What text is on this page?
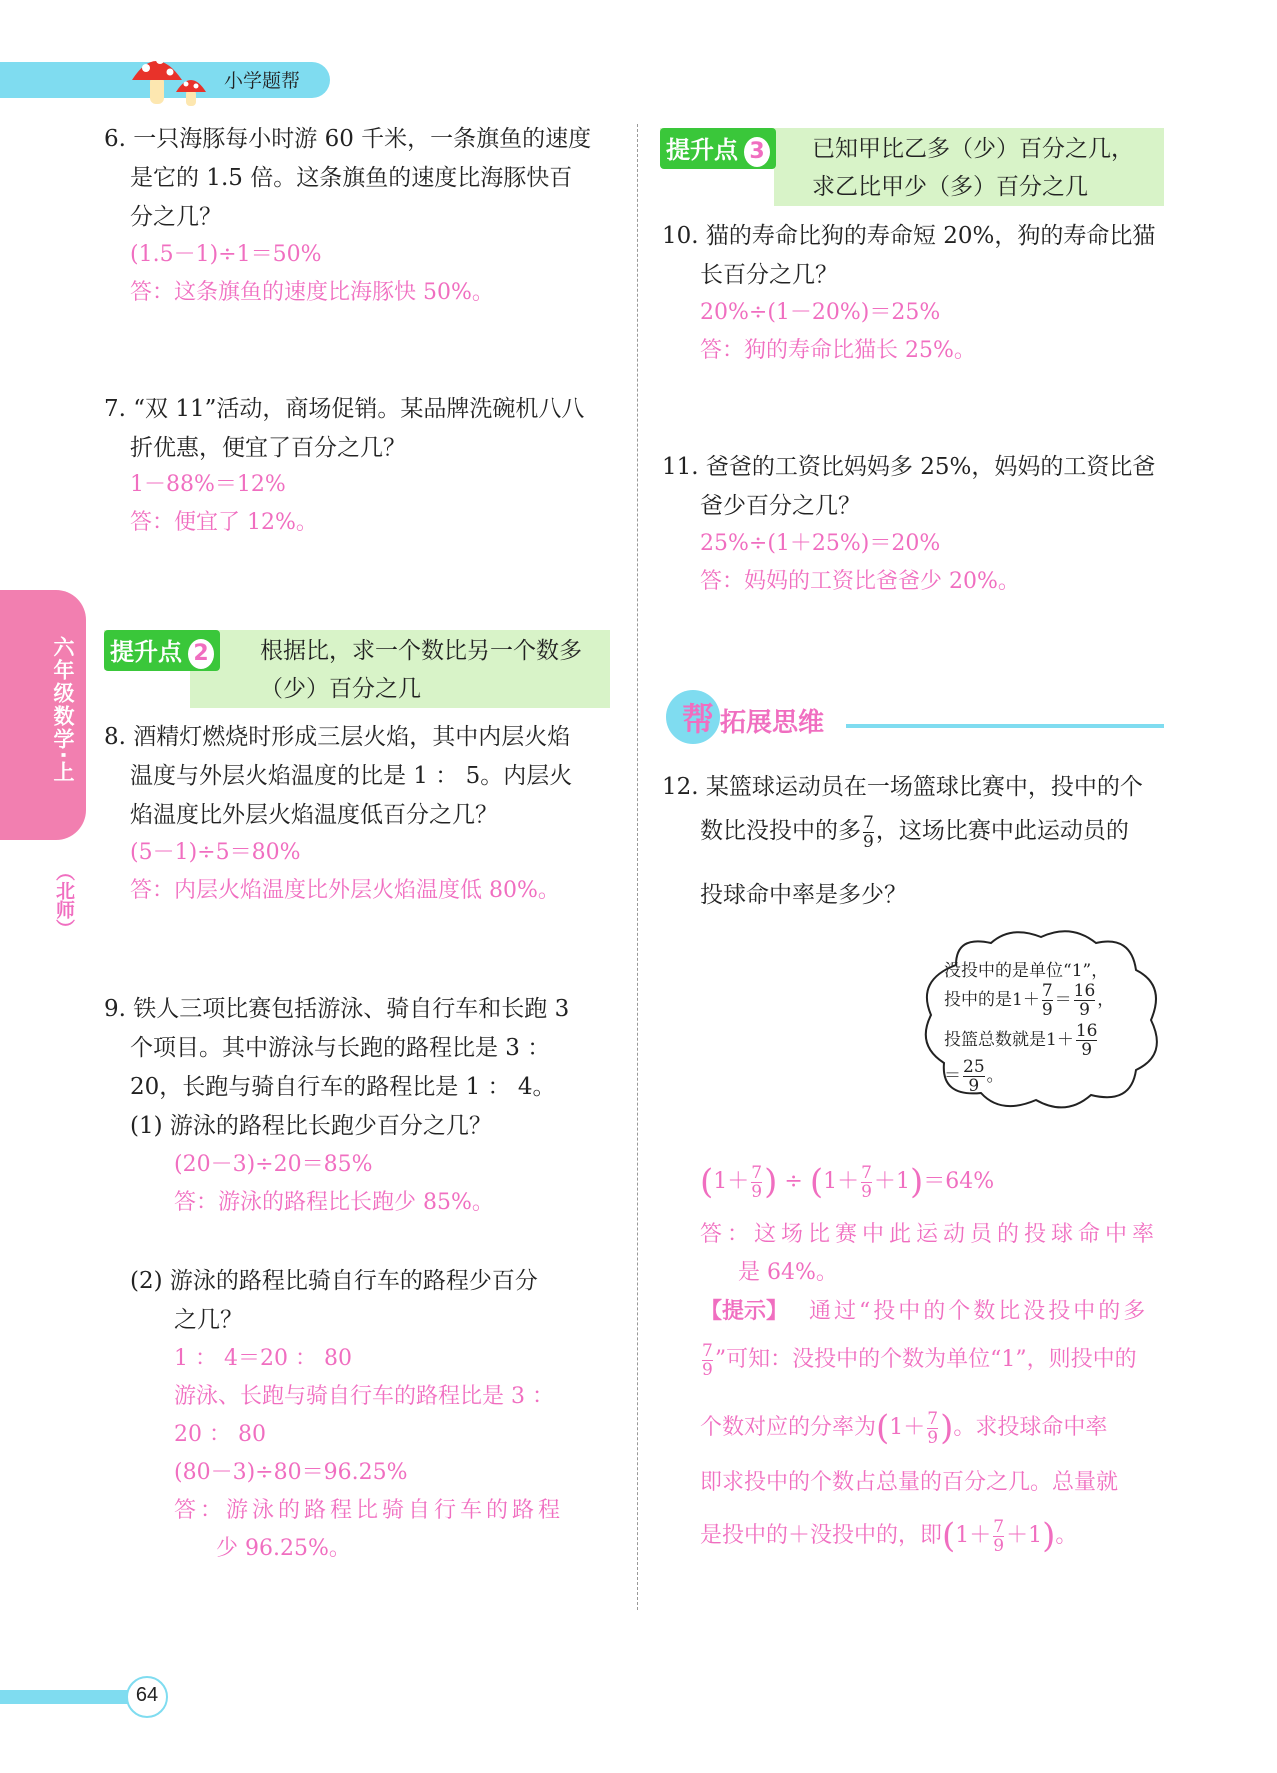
小学题帮
六年级数学·上
（北师）
6. 一只海豚每小时游 60 千米，一条旗鱼的速度
是它的 1.5 倍。这条旗鱼的速度比海豚快百
分之几？
(1.5－1)÷1＝50%
答：这条旗鱼的速度比海豚快 50%。
7. “双 11”活动，商场促销。某品牌洗碗机八八
折优惠，便宜了百分之几？
1－88%＝12%
答：便宜了 12%。
提升点 2	根据比，求一个数比另一个数多
（少）百分之几
8. 酒精灯燃烧时形成三层火焰，其中内层火焰
温度与外层火焰温度的比是 1 ： 5。内层火
焰温度比外层火焰温度低百分之几？
(5－1)÷5＝80%
答：内层火焰温度比外层火焰温度低 80%。
9. 铁人三项比赛包括游泳、骑自行车和长跑 3
个项目。其中游泳与长跑的路程比是 3 ：
20，长跑与骑自行车的路程比是 1 ： 4。
(1) 游泳的路程比长跑少百分之几？
(20－3)÷20＝85%
答：游泳的路程比长跑少 85%。
(2) 游泳的路程比骑自行车的路程少百分
之几？
1 ： 4＝20 ： 80
游泳、长跑与骑自行车的路程比是 3 ：
20 ： 80
(80－3)÷80＝96.25%
答：游泳的路程比骑自行车的路程
少 96.25%。
提升点 3	已知甲比乙多（少）百分之几，
求乙比甲少（多）百分之几
10. 猫的寿命比狗的寿命短 20%，狗的寿命比猫
长百分之几？
20%÷(1－20%)＝25%
答：狗的寿命比猫长 25%。
11. 爸爸的工资比妈妈多 25%，妈妈的工资比爸
爸少百分之几？
25%÷(1＋25%)＝20%
答：妈妈的工资比爸爸少 20%。
帮 拓展思维
12. 某篮球运动员在一场篮球比赛中，投中的个
数比没投中的多 $\frac{7}{9}$ ，这场比赛中此运动员的
投球命中率是多少？
没投中的是单位“1”，
投中的是$1+ \frac{7}{9} = \frac{16}{9}$ ，
投篮总数就是$1+ \frac{16}{9}$
＝ $\frac{25}{9}$ 。
($1+ \frac{7}{9}$ ) ÷ $(1+ \frac{7}{9} +1)=64\%$
答：这场比赛中此运动员的投球命中率
是 64%。
【提示】 通过“投中的个数比没投中的多
$\frac{7}{9}$ ”可知：没投中的个数为单位“1”，则投中的
个数对应的分率为($1+ \frac{7}{9}$ )。求投球命中率
即求投中的个数占总量的百分之几。总量就
是投中的＋没投中的，即$(1+ \frac{7}{9} +1)$。
64
